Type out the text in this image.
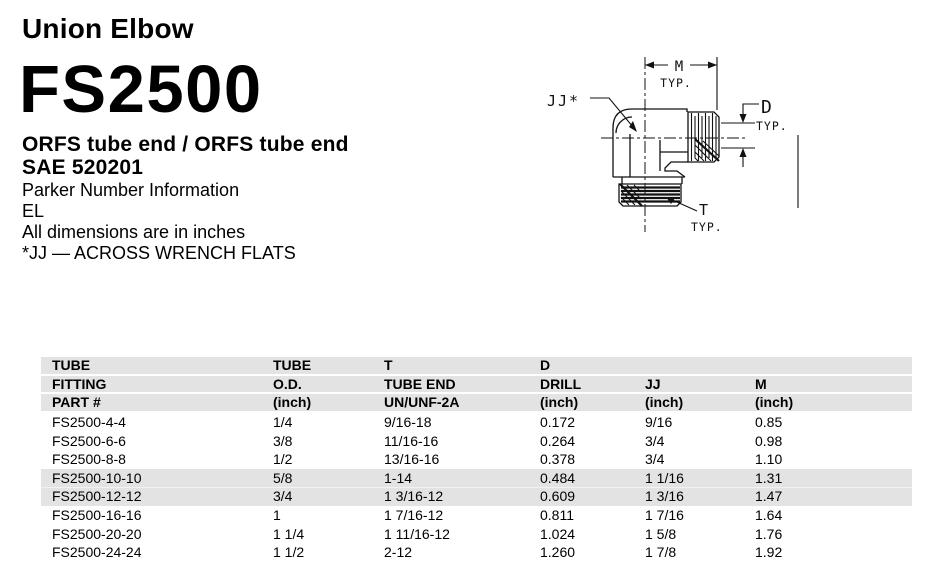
Union Elbow
FS2500
ORFS tube end / ORFS tube end
SAE 520201
Parker Number Information
EL
All dimensions are in inches
*JJ — ACROSS WRENCH FLATS
M
TYP.
JJ*	D
TYP.
T
TYP.
TUBE	TUBE	T	D
FITTING	O.D.	TUBE END	DRILL	JJ	M
PART #	(inch)	UN/UNF-2A	(inch)	(inch)	(inch)
FS2500-4-4	1/4	9/16-18	0.172	9/16	0.85
FS2500-6-6	3/8	11/16-16	0.264	3/4	0.98
FS2500-8-8	1/2	13/16-16	0.378	3/4	1.10
FS2500-10-10	5/8	1-14	0.484	1 1/16	1.31
FS2500-12-12	3/4	1 3/16-12	0.609	1 3/16	1.47
FS2500-16-16	1	1 7/16-12	0.811	1 7/16	1.64
FS2500-20-20	1 1/4	1 11/16-12	1.024	1 5/8	1.76
FS2500-24-24	1 1/2	2-12	1.260	1 7/8	1.92
